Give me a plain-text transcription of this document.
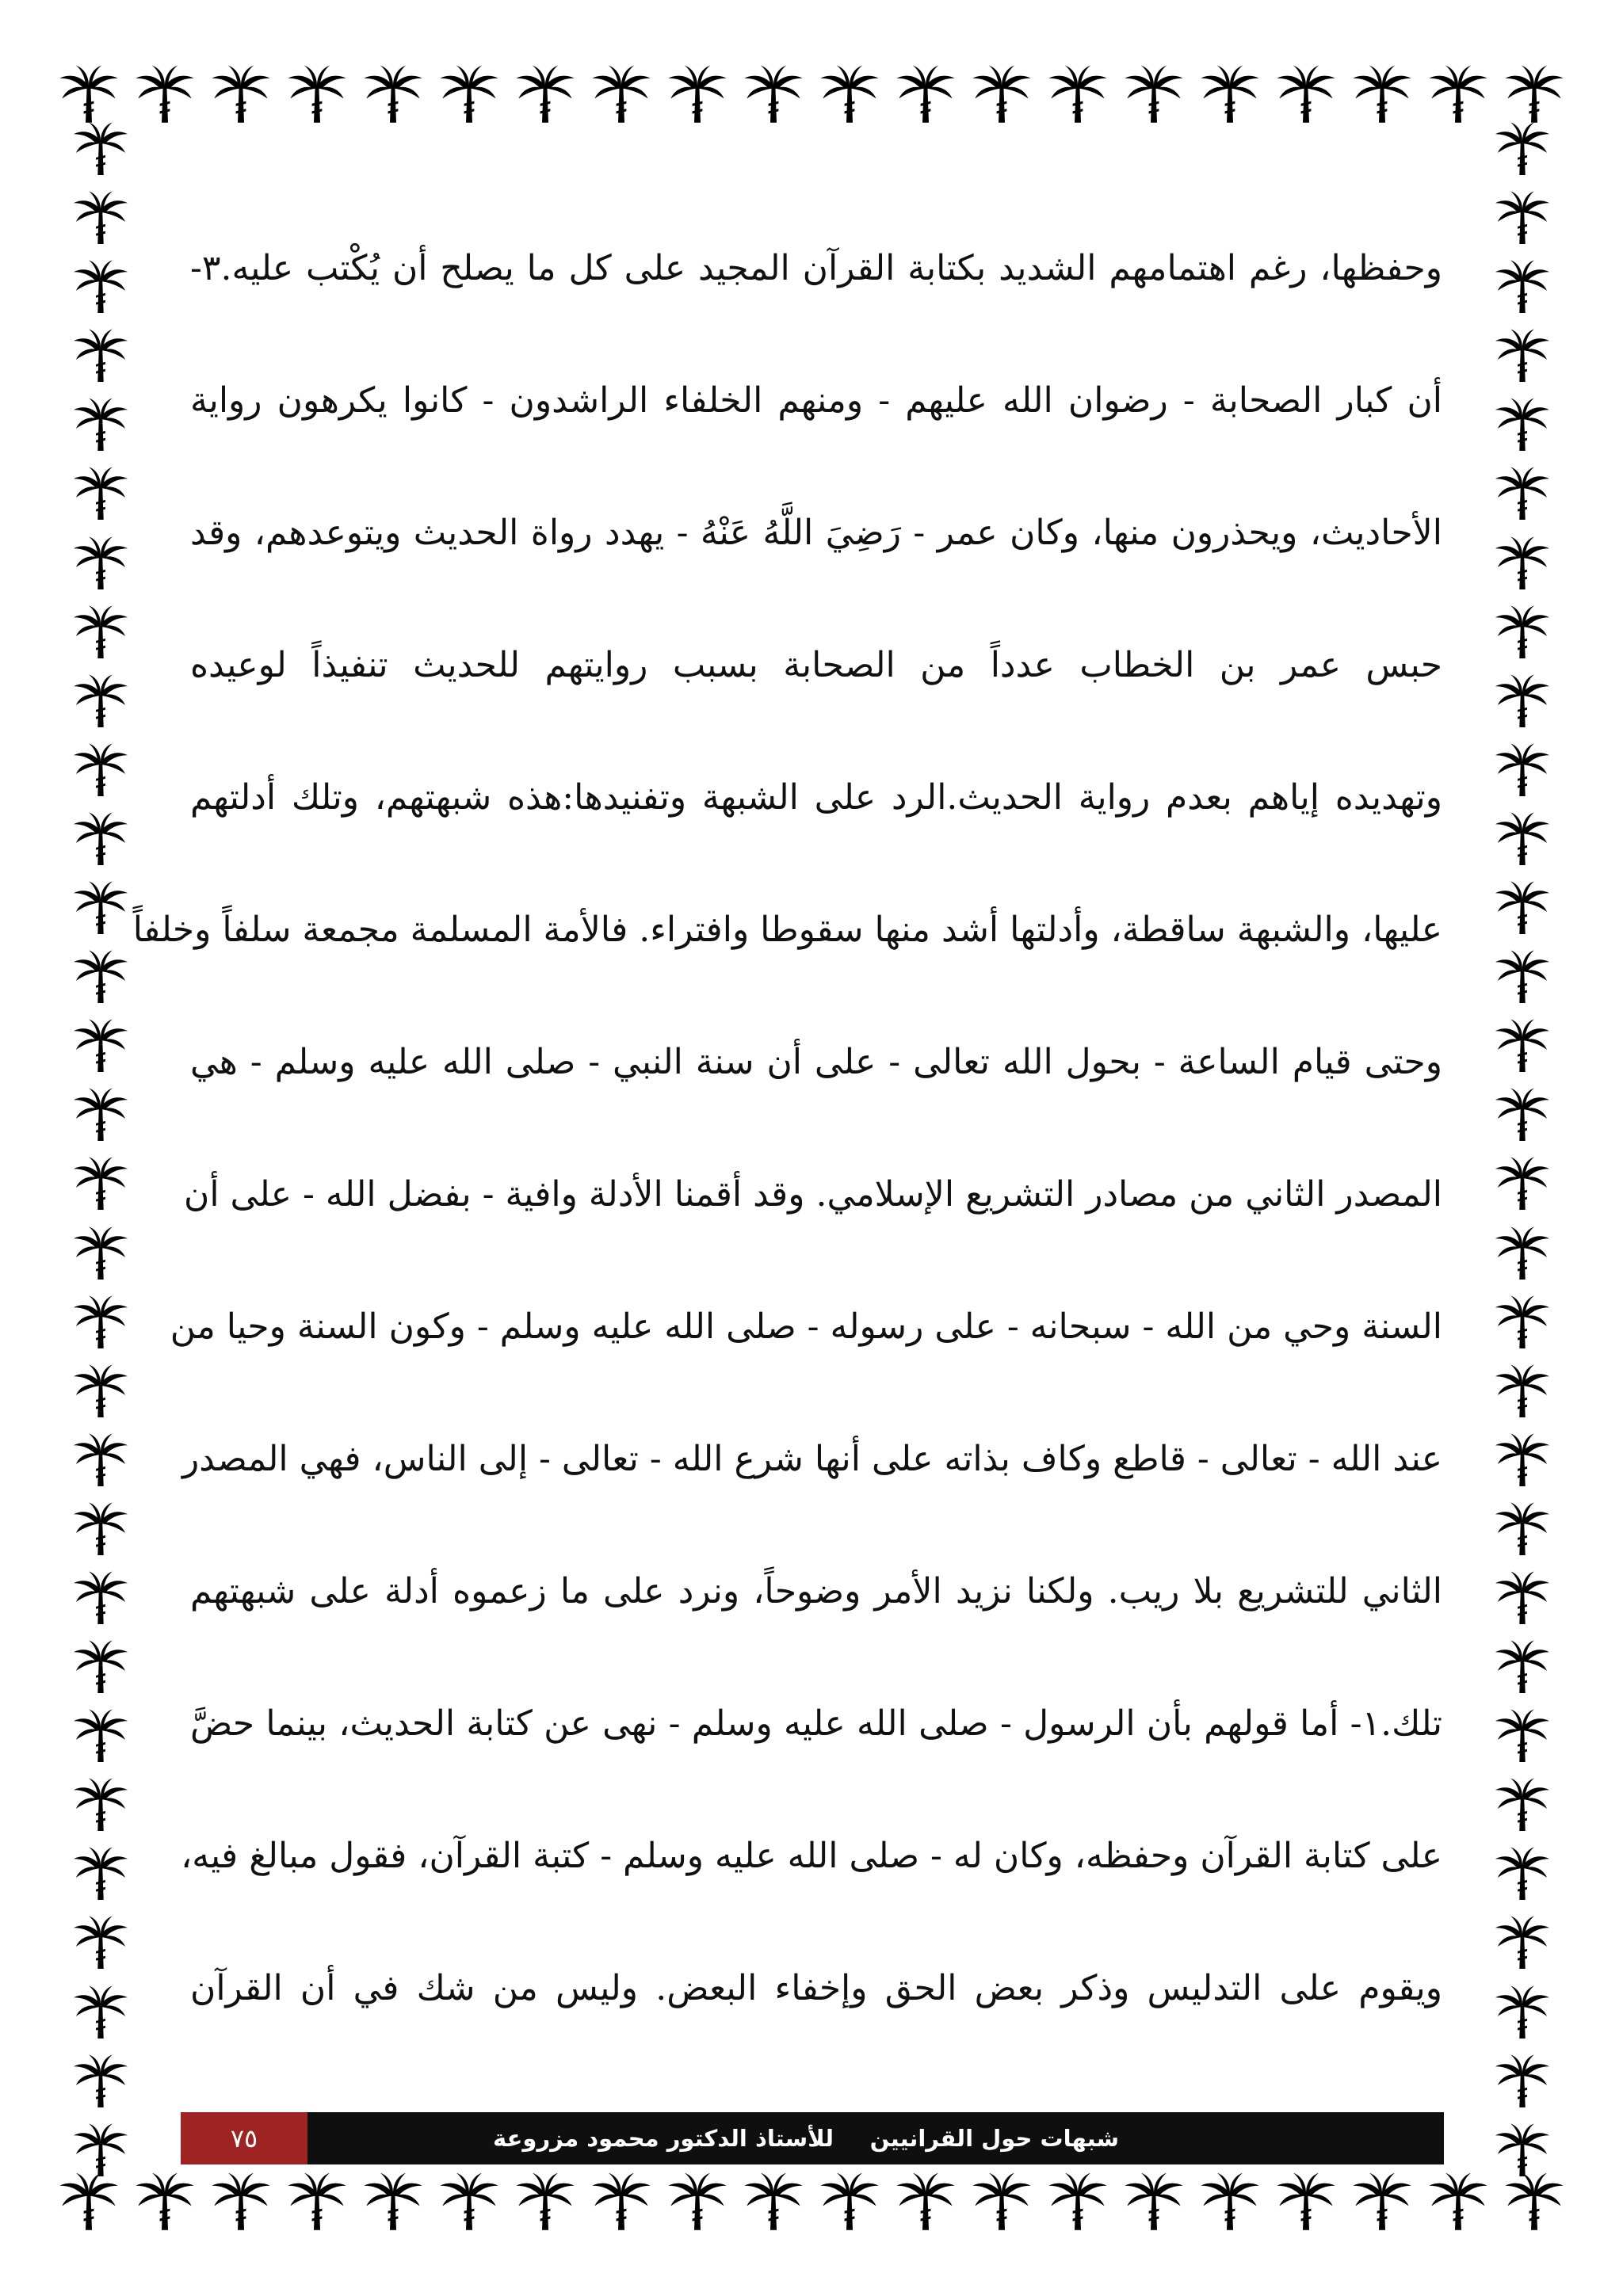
وحفظها، رغم اهتمامهم الشديد بكتابة القرآن المجيد على كل ما يصلح أن يُكْتب عليه.٣-
أن كبار الصحابة - رضوان الله عليهم - ومنهم الخلفاء الراشدون - كانوا يكرهون رواية
الأحاديث، ويحذرون منها، وكان عمر - رَضِيَ اللَّهُ عَنْهُ - يهدد رواة الحديث ويتوعدهم، وقد
حبس عمر بن الخطاب عدداً من الصحابة بسبب روايتهم للحديث تنفيذاً لوعيده
وتهديده إياهم بعدم رواية الحديث.الرد على الشبهة وتفنيدها:هذه شبهتهم، وتلك أدلتهم
عليها، والشبهة ساقطة، وأدلتها أشد منها سقوطا وافتراء. فالأمة المسلمة مجمعة سلفاً وخلفاً
وحتى قيام الساعة - بحول الله تعالى - على أن سنة النبي - صلى الله عليه وسلم - هي
المصدر الثاني من مصادر التشريع الإسلامي. وقد أقمنا الأدلة وافية - بفضل الله - على أن
السنة وحي من الله - سبحانه - على رسوله - صلى الله عليه وسلم - وكون السنة وحيا من
عند الله - تعالى - قاطع وكاف بذاته على أنها شرع الله - تعالى - إلى الناس، فهي المصدر
الثاني للتشريع بلا ريب. ولكنا نزيد الأمر وضوحاً، ونرد على ما زعموه أدلة على شبهتهم
تلك.١- أما قولهم بأن الرسول - صلى الله عليه وسلم - نهى عن كتابة الحديث، بينما حضَّ
على كتابة القرآن وحفظه، وكان له - صلى الله عليه وسلم - كتبة القرآن، فقول مبالغ فيه،
ويقوم على التدليس وذكر بعض الحق وإخفاء البعض. وليس من شك في أن القرآن
٧٥	شبهات حول القرانيين
للأستاذ الدكتور محمود مزروعة
